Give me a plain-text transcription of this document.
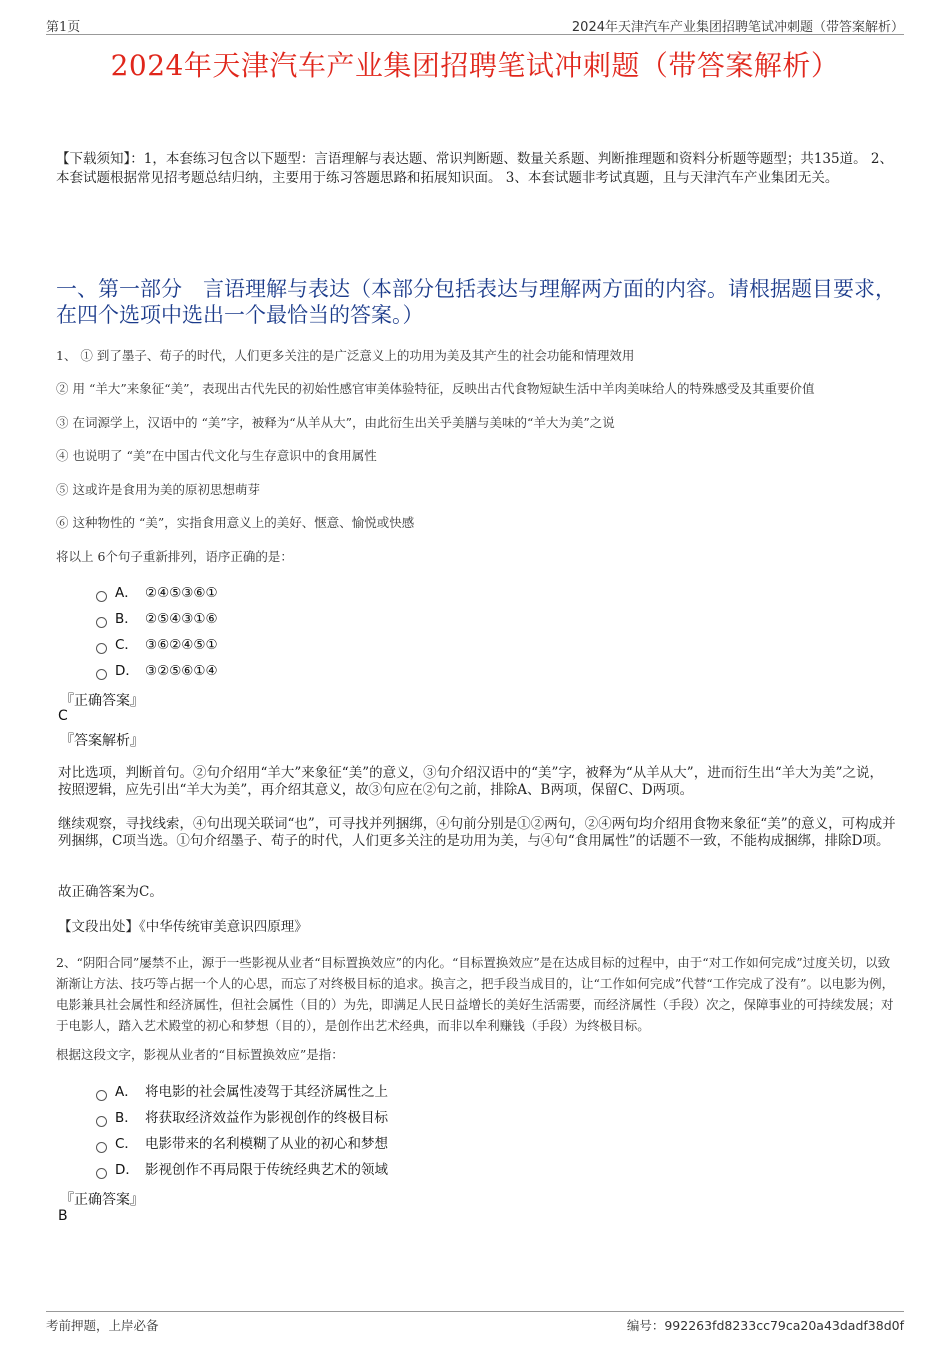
第1页	2024年天津汽车产业集团招聘笔试冲刺题（带答案解析）
2024年天津汽车产业集团招聘笔试冲刺题（带答案解析）
【下载须知】：1，本套练习包含以下题型：言语理解与表达题、常识判断题、数量关系题、判断推理题和资料分析题等题型；共135道。 2、本套试题根据常见招考题总结归纳，主要用于练习答题思路和拓展知识面。 3、本套试题非考试真题，且与天津汽车产业集团无关。
一、第一部分　言语理解与表达（本部分包括表达与理解两方面的内容。请根据题目要求，在四个选项中选出一个最恰当的答案。）
1、 ① 到了墨子、荀子的时代，人们更多关注的是广泛意义上的功用为美及其产生的社会功能和情理效用
② 用 “羊大”来象征“美”，表现出古代先民的初始性感官审美体验特征，反映出古代食物短缺生活中羊肉美味给人的特殊感受及其重要价值
③ 在词源学上，汉语中的 “美”字，被释为“从羊从大”，由此衍生出关乎美膳与美味的“羊大为美”之说
④ 也说明了 “美”在中国古代文化与生存意识中的食用属性
⑤ 这或许是食用为美的原初思想萌芽
⑥ 这种物性的 “美”，实指食用意义上的美好、惬意、愉悦或快感
将以上 6个句子重新排列，语序正确的是：
A． ②④⑤③⑥①
B． ②⑤④③①⑥
C． ③⑥②④⑤①
D． ③②⑤⑥①④
『正确答案』
C
『答案解析』
对比选项，判断首句。②句介绍用“羊大”来象征“美”的意义，③句介绍汉语中的“美”字，被释为“从羊从大”，进而衍生出“羊大为美”之说，按照逻辑，应先引出“羊大为美”，再介绍其意义，故③句应在②句之前，排除A、B两项，保留C、D两项。
继续观察，寻找线索，④句出现关联词“也”，可寻找并列捆绑，④句前分别是①②两句，②④两句均介绍用食物来象征“美”的意义，可构成并列捆绑，C项当选。①句介绍墨子、荀子的时代，人们更多关注的是功用为美，与④句“食用属性”的话题不一致，不能构成捆绑，排除D项。
故正确答案为C。
【文段出处】《中华传统审美意识四原理》
2、“阴阳合同”屡禁不止，源于一些影视从业者“目标置换效应”的内化。“目标置换效应”是在达成目标的过程中，由于“对工作如何完成”过度关切，以致渐渐让方法、技巧等占据一个人的心思，而忘了对终极目标的追求。换言之，把手段当成目的，让“工作如何完成”代替“工作完成了没有”。以电影为例，电影兼具社会属性和经济属性，但社会属性（目的）为先，即满足人民日益增长的美好生活需要，而经济属性（手段）次之，保障事业的可持续发展；对于电影人，踏入艺术殿堂的初心和梦想（目的），是创作出艺术经典，而非以牟利赚钱（手段）为终极目标。
根据这段文字，影视从业者的“目标置换效应”是指：
A． 将电影的社会属性凌驾于其经济属性之上
B． 将获取经济效益作为影视创作的终极目标
C． 电影带来的名利模糊了从业的初心和梦想
D． 影视创作不再局限于传统经典艺术的领域
『正确答案』
B
考前押题，上岸必备	编号：992263fd8233cc79ca20a43dadf38d0f
